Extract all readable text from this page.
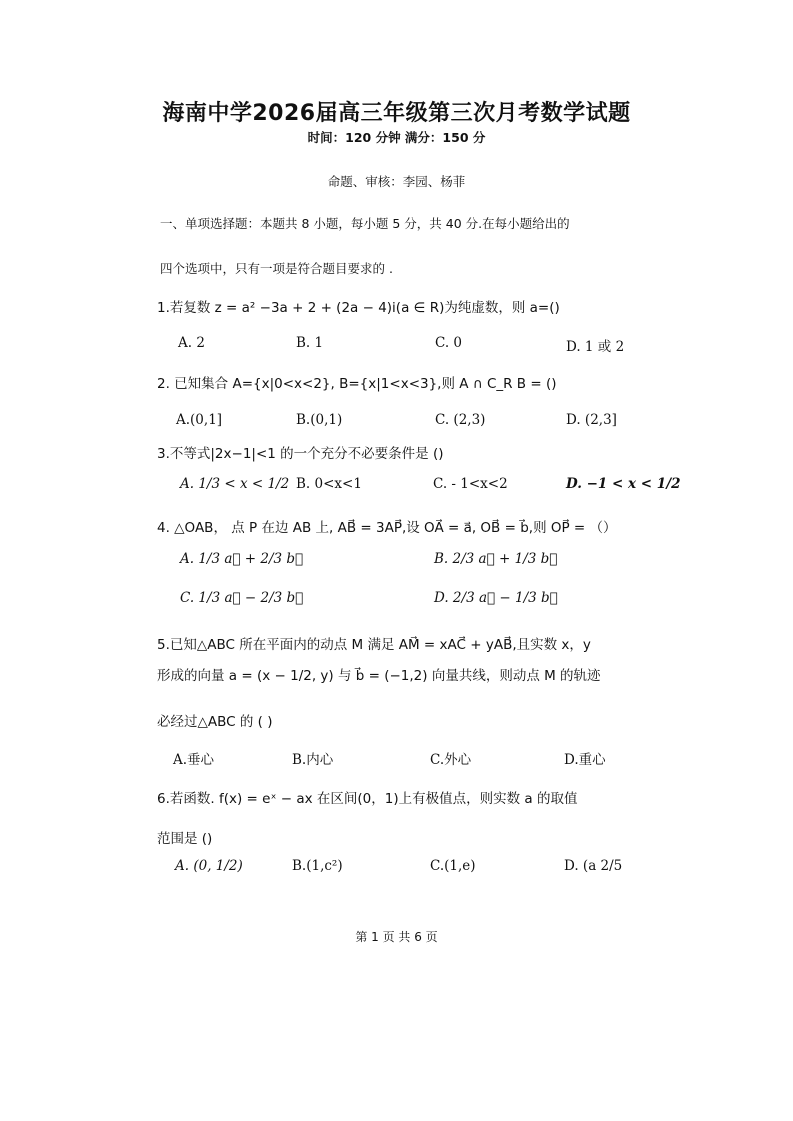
海南中学2026届高三年级第三次月考数学试题
时间：120 分钟 满分：150 分
命题、审核：李园、杨菲
一、单项选择题：本题共 8 小题，每小题 5 分，共 40 分.在每小题给出的
四个选项中，只有一项是符合题目要求的 .
1.若复数 z = a² −3a + 2 + (2a − 4)i(a ∈ R)为纯虚数，则 a=()
A. 2	B. 1	C. 0	D. 1 或 2
2. 已知集合 A={x|0<x<2}, B={x|1<x<3},则 A ∩ C_R B = ()
A.(0,1]	B.(0,1)	C. (2,3)	D. (2,3]
3.不等式|2x−1|<1 的一个充分不必要条件是 ()
A. 1/3 < x < 1/2 B. 0<x<1	C. - 1<x<2	D. −1 < x < 1/2
4. △OAB， 点 P 在边 AB 上, AB⃗ = 3AP⃗,设 OA⃗ = a⃗, OB⃗ = b⃗,则 OP⃗ = （）
A. 1/3 a⃗ + 2/3 b⃗	B. 2/3 a⃗ + 1/3 b⃗
C. 1/3 a⃗ − 2/3 b⃗	D. 2/3 a⃗ − 1/3 b⃗
5.已知△ABC 所在平面内的动点 M 满足 AM⃗ = xAC⃗ + yAB⃗,且实数 x，y
形成的向量 a = (x − 1/2, y) 与 b⃗ = (−1,2) 向量共线，则动点 M 的轨迹
必经过△ABC 的 ( )
A.垂心	B.内心	C.外心	D.重心
6.若函数. f(x) = eˣ − ax 在区间(0，1)上有极值点，则实数 a 的取值
范围是 ()
A. (0, 1/2)	B.(1,c²)	C.(1,e)	D. (a 2/5
第 1 页 共 6 页
